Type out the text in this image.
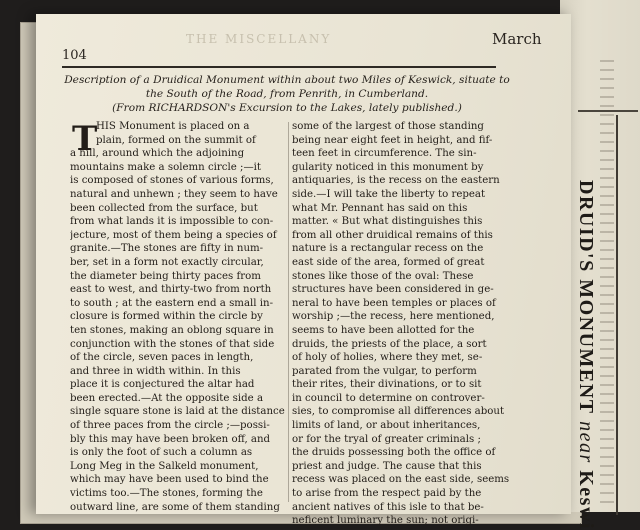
DRUID'S MONUMENT near Keswi
THE MISCELLANY	March
104
Description of a Druidical Monument within about two Miles of Keswick, situate to the South of the Road, from Penrith, in Cumberland.
(From RICHARDSON's Excursion to the Lakes, lately published.)
T
HIS Monument is placed on a
plain, formed on the summit of
a hill, around which the adjoining
mountains make a solemn circle ;—it
is composed of stones of various forms,
natural and unhewn ; they seem to have
been collected from the surface, but
from what lands it is impossible to con-
jecture, most of them being a species of
granite.—The stones are fifty in num-
ber, set in a form not exactly circular,
the diameter being thirty paces from
east to west, and thirty-two from north
to south ; at the eastern end a small in-
closure is formed within the circle by
ten stones, making an oblong square in
conjunction with the stones of that side
of the circle, seven paces in length,
and three in width within. In this
place it is conjectured the altar had
been erected.—At the opposite side a
single square stone is laid at the distance
of three paces from the circle ;—possi-
bly this may have been broken off, and
is only the foot of such a column as
Long Meg in the Salkeld monument,
which may have been used to bind the
victims too.—The stones, forming the
outward line, are some of them standing
some of the largest of those standing
being near eight feet in height, and fif-
teen feet in circumference. The sin-
gularity noticed in this monument by
antiquaries, is the recess on the eastern
side.—I will take the liberty to repeat
what Mr. Pennant has said on this
matter. « But what distinguishes this
from all other druidical remains of this
nature is a rectangular recess on the
east side of the area, formed of great
stones like those of the oval: These
structures have been considered in ge-
neral to have been temples or places of
worship ;—the recess, here mentioned,
seems to have been allotted for the
druids, the priests of the place, a sort
of holy of holies, where they met, se-
parated from the vulgar, to perform
their rites, their divinations, or to sit
in council to determine on controver-
sies, to compromise all differences about
limits of land, or about inheritances,
or for the tryal of greater criminals ;
the druids possessing both the office of
priest and judge. The cause that this
recess was placed on the east side, seems
to arise from the respect paid by the
ancient natives of this isle to that be-
neficent luminary the sun; not origi-
